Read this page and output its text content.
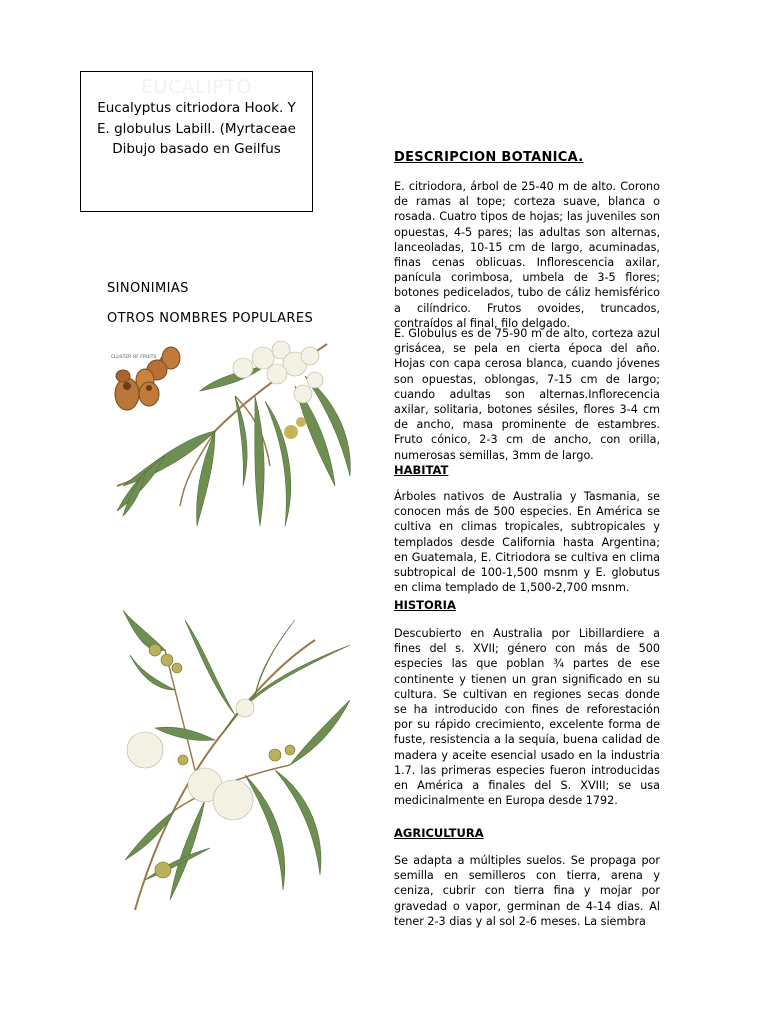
EUCALIPTO
Eucalyptus citriodora Hook. Y
E. globulus Labill. (Myrtaceae
Dibujo basado en Geilfus
SINONIMIAS
OTROS NOMBRES POPULARES
CLUSTER OF FRUITS
DESCRIPCION BOTANICA.

E. citriodora, árbol de 25-40 m de alto. Corono de ramas al tope; corteza suave, blanca o rosada. Cuatro tipos de hojas; las juveniles son opuestas, 4-5 pares; las adultas son alternas, lanceoladas, 10-15 cm de largo, acuminadas, finas cenas oblicuas. Inflorescencia axilar, panícula corimbosa, umbela de 3-5 flores; botones pedicelados, tubo de cáliz hemisférico a cilíndrico. Frutos ovoides, truncados, contraídos al final, filo delgado.

E. Globulus es de 75-90 m de alto, corteza azul grisácea, se pela en cierta época del año. Hojas con capa cerosa blanca, cuando jóvenes son opuestas, oblongas, 7-15 cm de largo; cuando adultas son alternas.Inflorecencia axilar, solitaria, botones sésiles, flores 3-4 cm de ancho, masa prominente de estambres. Fruto cónico, 2-3 cm de ancho, con orilla, numerosas semillas, 3mm de largo.

HABITAT

Árboles nativos de Australia y Tasmania, se conocen más de 500 especies. En América se cultiva en climas tropicales, subtropicales y templados desde California hasta Argentina; en Guatemala, E. Citriodora se cultiva en clima subtropical de 100-1,500 msnm y E. globutus en clima templado de 1,500-2,700 msnm.

HISTORIA

Descubierto en Australia por Libillardiere a fines del s. XVII; género con más de 500 especies las que poblan ¾ partes de ese continente y tienen un gran significado en su cultura. Se cultivan en regiones secas donde se ha introducido con fines de reforestación por su rápido crecimiento, excelente forma de fuste, resistencia a la sequía, buena calidad de madera y aceite esencial usado en la industria 1.7. las primeras especies fueron introducidas en América a finales del S. XVIII; se usa medicinalmente en Europa desde 1792.

AGRICULTURA

Se adapta a múltiples suelos. Se propaga por semilla en semilleros con tierra, arena y ceniza, cubrir con tierra fina y mojar por gravedad o vapor, germinan de 4-14 dias. Al tener 2-3 dias y al sol 2-6 meses. La siembra
